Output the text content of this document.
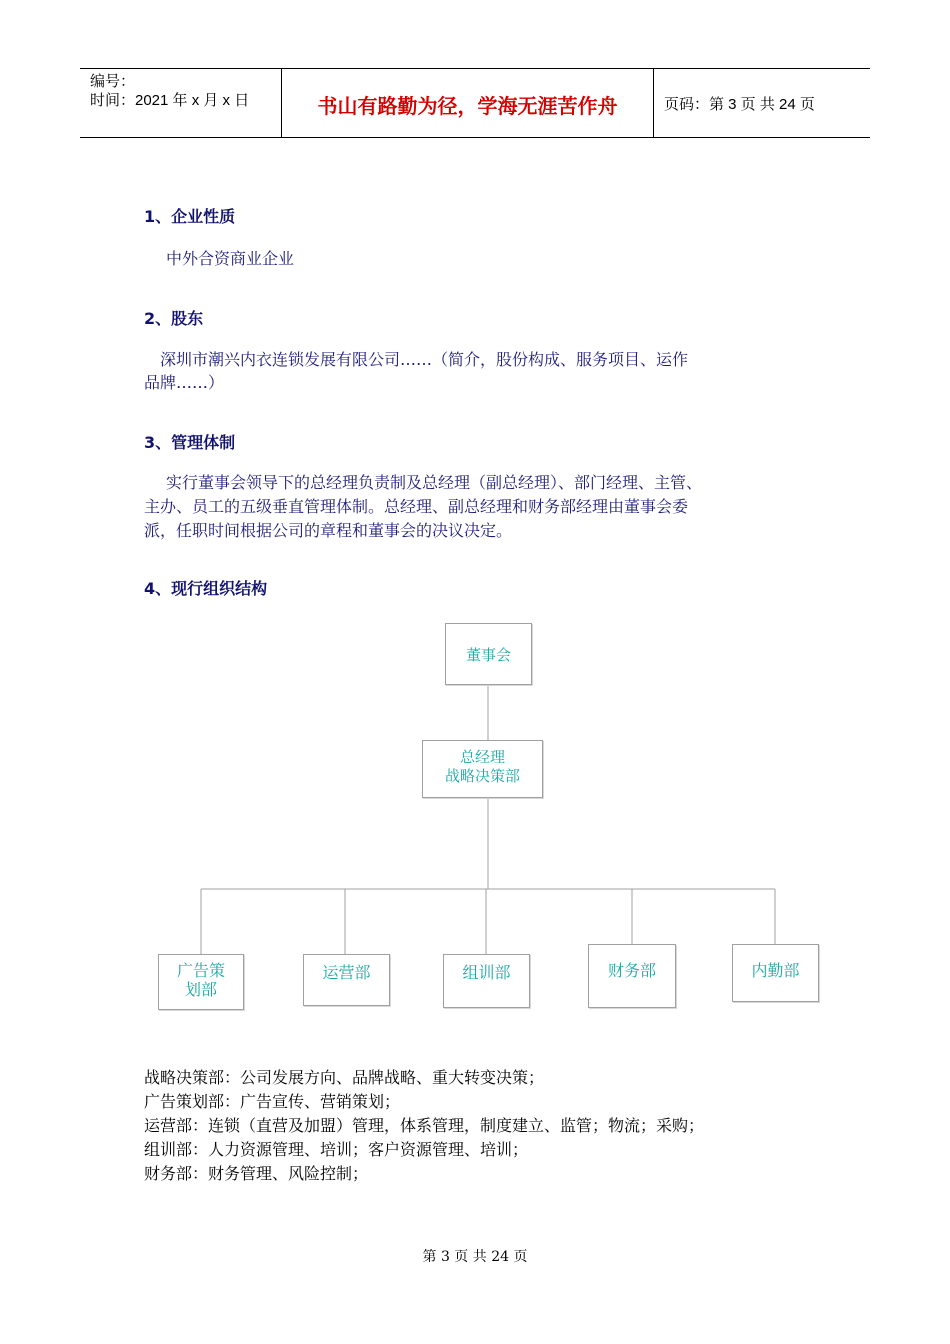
编号：
时间：2021 年 x 月 x 日	书山有路勤为径，学海无涯苦作舟	页码：第 3 页 共 24 页
1、企业性质
中外合资商业企业
2、股东
深圳市潮兴内衣连锁发展有限公司……（简介，股份构成、服务项目、运作
品牌……）
3、管理体制
实行董事会领导下的总经理负责制及总经理（副总经理）、部门经理、主管、
主办、员工的五级垂直管理体制。总经理、副总经理和财务部经理由董事会委
派，任职时间根据公司的章程和董事会的决议决定。
4、现行组织结构
董事会
总经理
战略决策部
广告策
划部
运营部	组训部	财务部	内勤部
战略决策部：公司发展方向、品牌战略、重大转变决策；
广告策划部：广告宣传、营销策划；
运营部：连锁（直营及加盟）管理，体系管理，制度建立、监管；物流；采购；
组训部：人力资源管理、培训；客户资源管理、培训；
财务部：财务管理、风险控制；
第 3 页 共 24 页
